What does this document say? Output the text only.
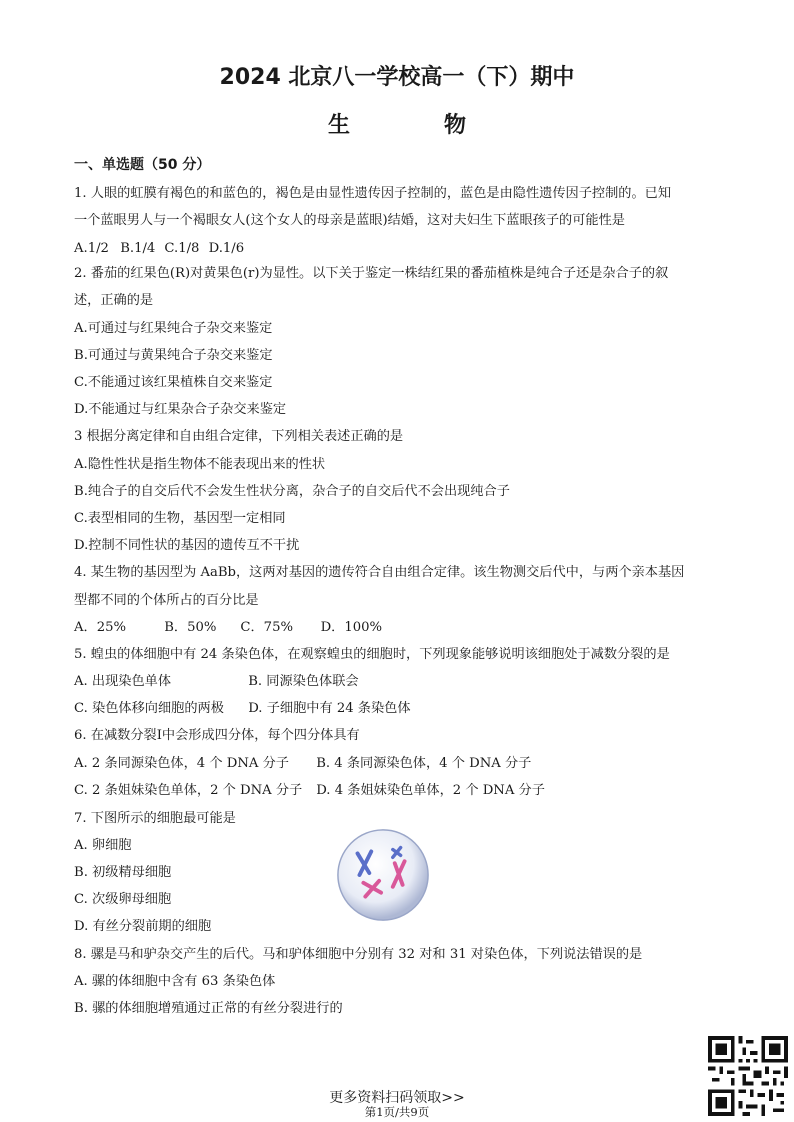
2024 北京八一学校高一（下）期中
生　物
一、单选题（50 分）
1. 人眼的虹膜有褐色的和蓝色的，褐色是由显性遗传因子控制的，蓝色是由隐性遗传因子控制的。已知
一个蓝眼男人与一个褐眼女人(这个女人的母亲是蓝眼)结婚，这对夫妇生下蓝眼孩子的可能性是
A.1/2 B.1/4 C.1/8 D.1/6
2. 番茄的红果色(R)对黄果色(r)为显性。以下关于鉴定一株结红果的番茄植株是纯合子还是杂合子的叙
述，正确的是
A.可通过与红果纯合子杂交来鉴定
B.可通过与黄果纯合子杂交来鉴定
C.不能通过该红果植株自交来鉴定
D.不能通过与红果杂合子杂交来鉴定
3 根据分离定律和自由组合定律，下列相关表述正确的是
A.隐性性状是指生物体不能表现出来的性状
B.纯合子的自交后代不会发生性状分离，杂合子的自交后代不会出现纯合子
C.表型相同的生物，基因型一定相同
D.控制不同性状的基因的遗传互不干扰
4. 某生物的基因型为 AaBb，这两对基因的遗传符合自由组合定律。该生物测交后代中，与两个亲本基因
型都不同的个体所占的百分比是
A．25%	B．50% C．75% D．100%
5. 蝗虫的体细胞中有 24 条染色体，在观察蝗虫的细胞时，下列现象能够说明该细胞处于减数分裂的是
A. 出现染色单体	B. 同源染色体联会
C. 染色体移向细胞的两极 D. 子细胞中有 24 条染色体
6. 在减数分裂Ⅰ中会形成四分体，每个四分体具有
A. 2 条同源染色体，4 个 DNA 分子 B. 4 条同源染色体，4 个 DNA 分子
C. 2 条姐妹染色单体，2 个 DNA 分子 D. 4 条姐妹染色单体，2 个 DNA 分子
7. 下图所示的细胞最可能是
A. 卵细胞
B. 初级精母细胞
C. 次级卵母细胞
D. 有丝分裂前期的细胞
8. 骡是马和驴杂交产生的后代。马和驴体细胞中分别有 32 对和 31 对染色体，下列说法错误的是
A. 骡的体细胞中含有 63 条染色体
B. 骡的体细胞增殖通过正常的有丝分裂进行的
更多资料扫码领取>>
第1页/共9页
